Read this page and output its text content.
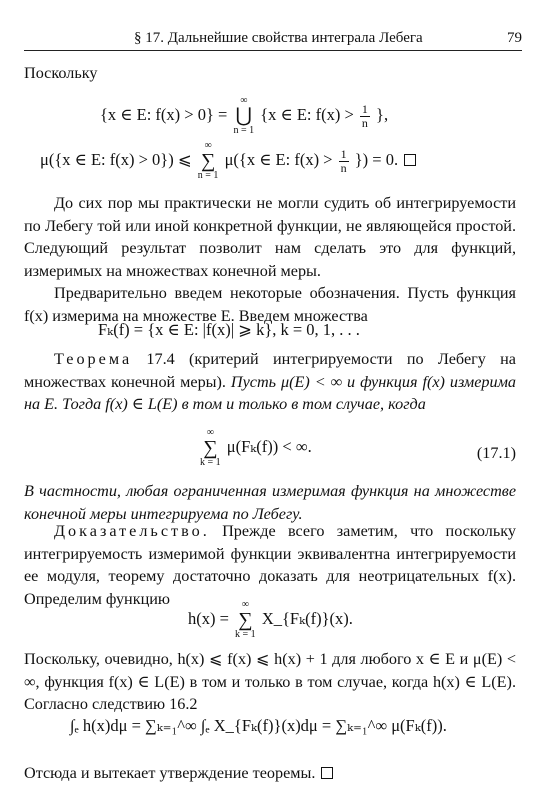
§ 17. Дальнейшие свойства интеграла Лебега	79
Поскольку
{x ∈ E: f(x) > 0} =
∞
⋃
n = 1
{x ∈ E: $f(x) > \frac{1}{n}$ },
μ({x ∈ E: f(x) > 0}) ⩽
∞
∑
n = 1
μ({x ∈ E: $f(x) > \frac{1}{n}$ }) = 0.
До сих пор мы практически не могли судить об интегрируемости по Лебегу той или иной конкретной функции, не являющейся простой. Следующий результат позволит нам сделать это для функций, измеримых на множествах конечной меры.
Предварительно введем некоторые обозначения. Пусть функция f(x) измерима на множестве E. Введем множества
Fₖ(f) = {x ∈ E: |f(x)| ⩾ k}, k = 0, 1, . . .
Теорема 17.4 (критерий интегрируемости по Лебегу на множествах конечной меры). Пусть μ(E) < ∞ и функция f(x) измерима на E. Тогда f(x) ∈ L(E) в том и только в том случае, когда
∞
∑
k = 1
μ(Fₖ(f)) < ∞.	(17.1)
В частности, любая ограниченная измеримая функция на множестве конечной меры интегрируема по Лебегу.
Доказательство. Прежде всего заметим, что поскольку интегрируемость измеримой функции эквивалентна интегрируемости ее модуля, теорему достаточно доказать для неотрицательных f(x). Определим функцию
h(x) =
∞
∑
k = 1
X_{Fₖ(f)}(x).
Поскольку, очевидно, h(x) ⩽ f(x) ⩽ h(x) + 1 для любого x ∈ E и μ(E) < ∞, функция f(x) ∈ L(E) в том и только в том случае, когда h(x) ∈ L(E). Согласно следствию 16.2
∫ₑ h(x)dμ = ∑ₖ₌₁^∞ ∫ₑ X_{Fₖ(f)}(x)dμ = ∑ₖ₌₁^∞ μ(Fₖ(f)).
Отсюда и вытекает утверждение теоремы.
